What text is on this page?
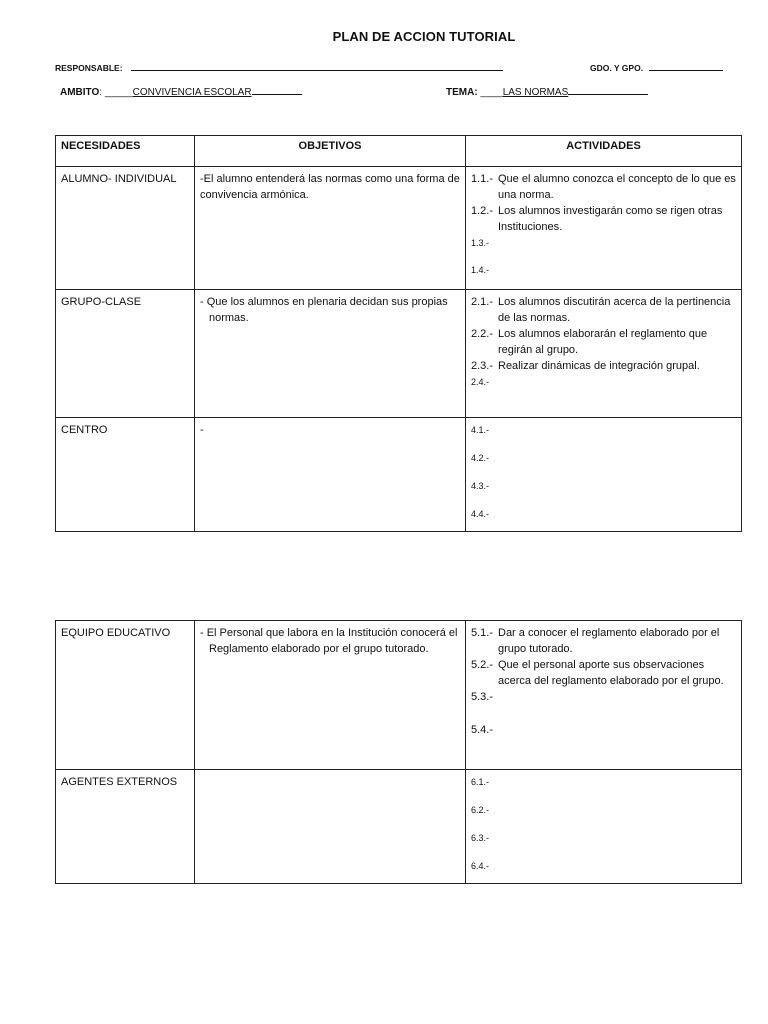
PLAN DE ACCION TUTORIAL
RESPONSABLE:	GDO. Y GPO.
AMBITO: _____CONVIVENCIA ESCOLAR	TEMA: ____LAS NORMAS
NECESIDADES	OBJETIVOS	ACTIVIDADES
ALUMNO- INDIVIDUAL	-El alumno entenderá las normas como una forma de convivencia armónica.	1.1.- Que el alumno conozca el concepto de lo que es una norma.
1.2.- Los alumnos investigarán como se rigen otras Instituciones.
1.3.-
1.4.-

GRUPO-CLASE	- Que los alumnos en plenaria decidan sus propias normas.	2.1.- Los alumnos discutirán acerca de la pertinencia de las normas.
2.2.- Los alumnos elaborarán el reglamento que regirán al grupo.
2.3.- Realizar dinámicas de integración grupal.
2.4.-

CENTRO	-	4.1.-
4.2.-
4.3.-
4.4.-
EQUIPO EDUCATIVO	- El Personal que labora en la Institución conocerá el Reglamento elaborado por el grupo tutorado.	5.1.- Dar a conocer el reglamento elaborado por el grupo tutorado.
5.2.- Que el personal aporte sus observaciones acerca del reglamento elaborado por el grupo.
5.3.-
5.4.-

AGENTES EXTERNOS		6.1.-
6.2.-
6.3.-
6.4.-
